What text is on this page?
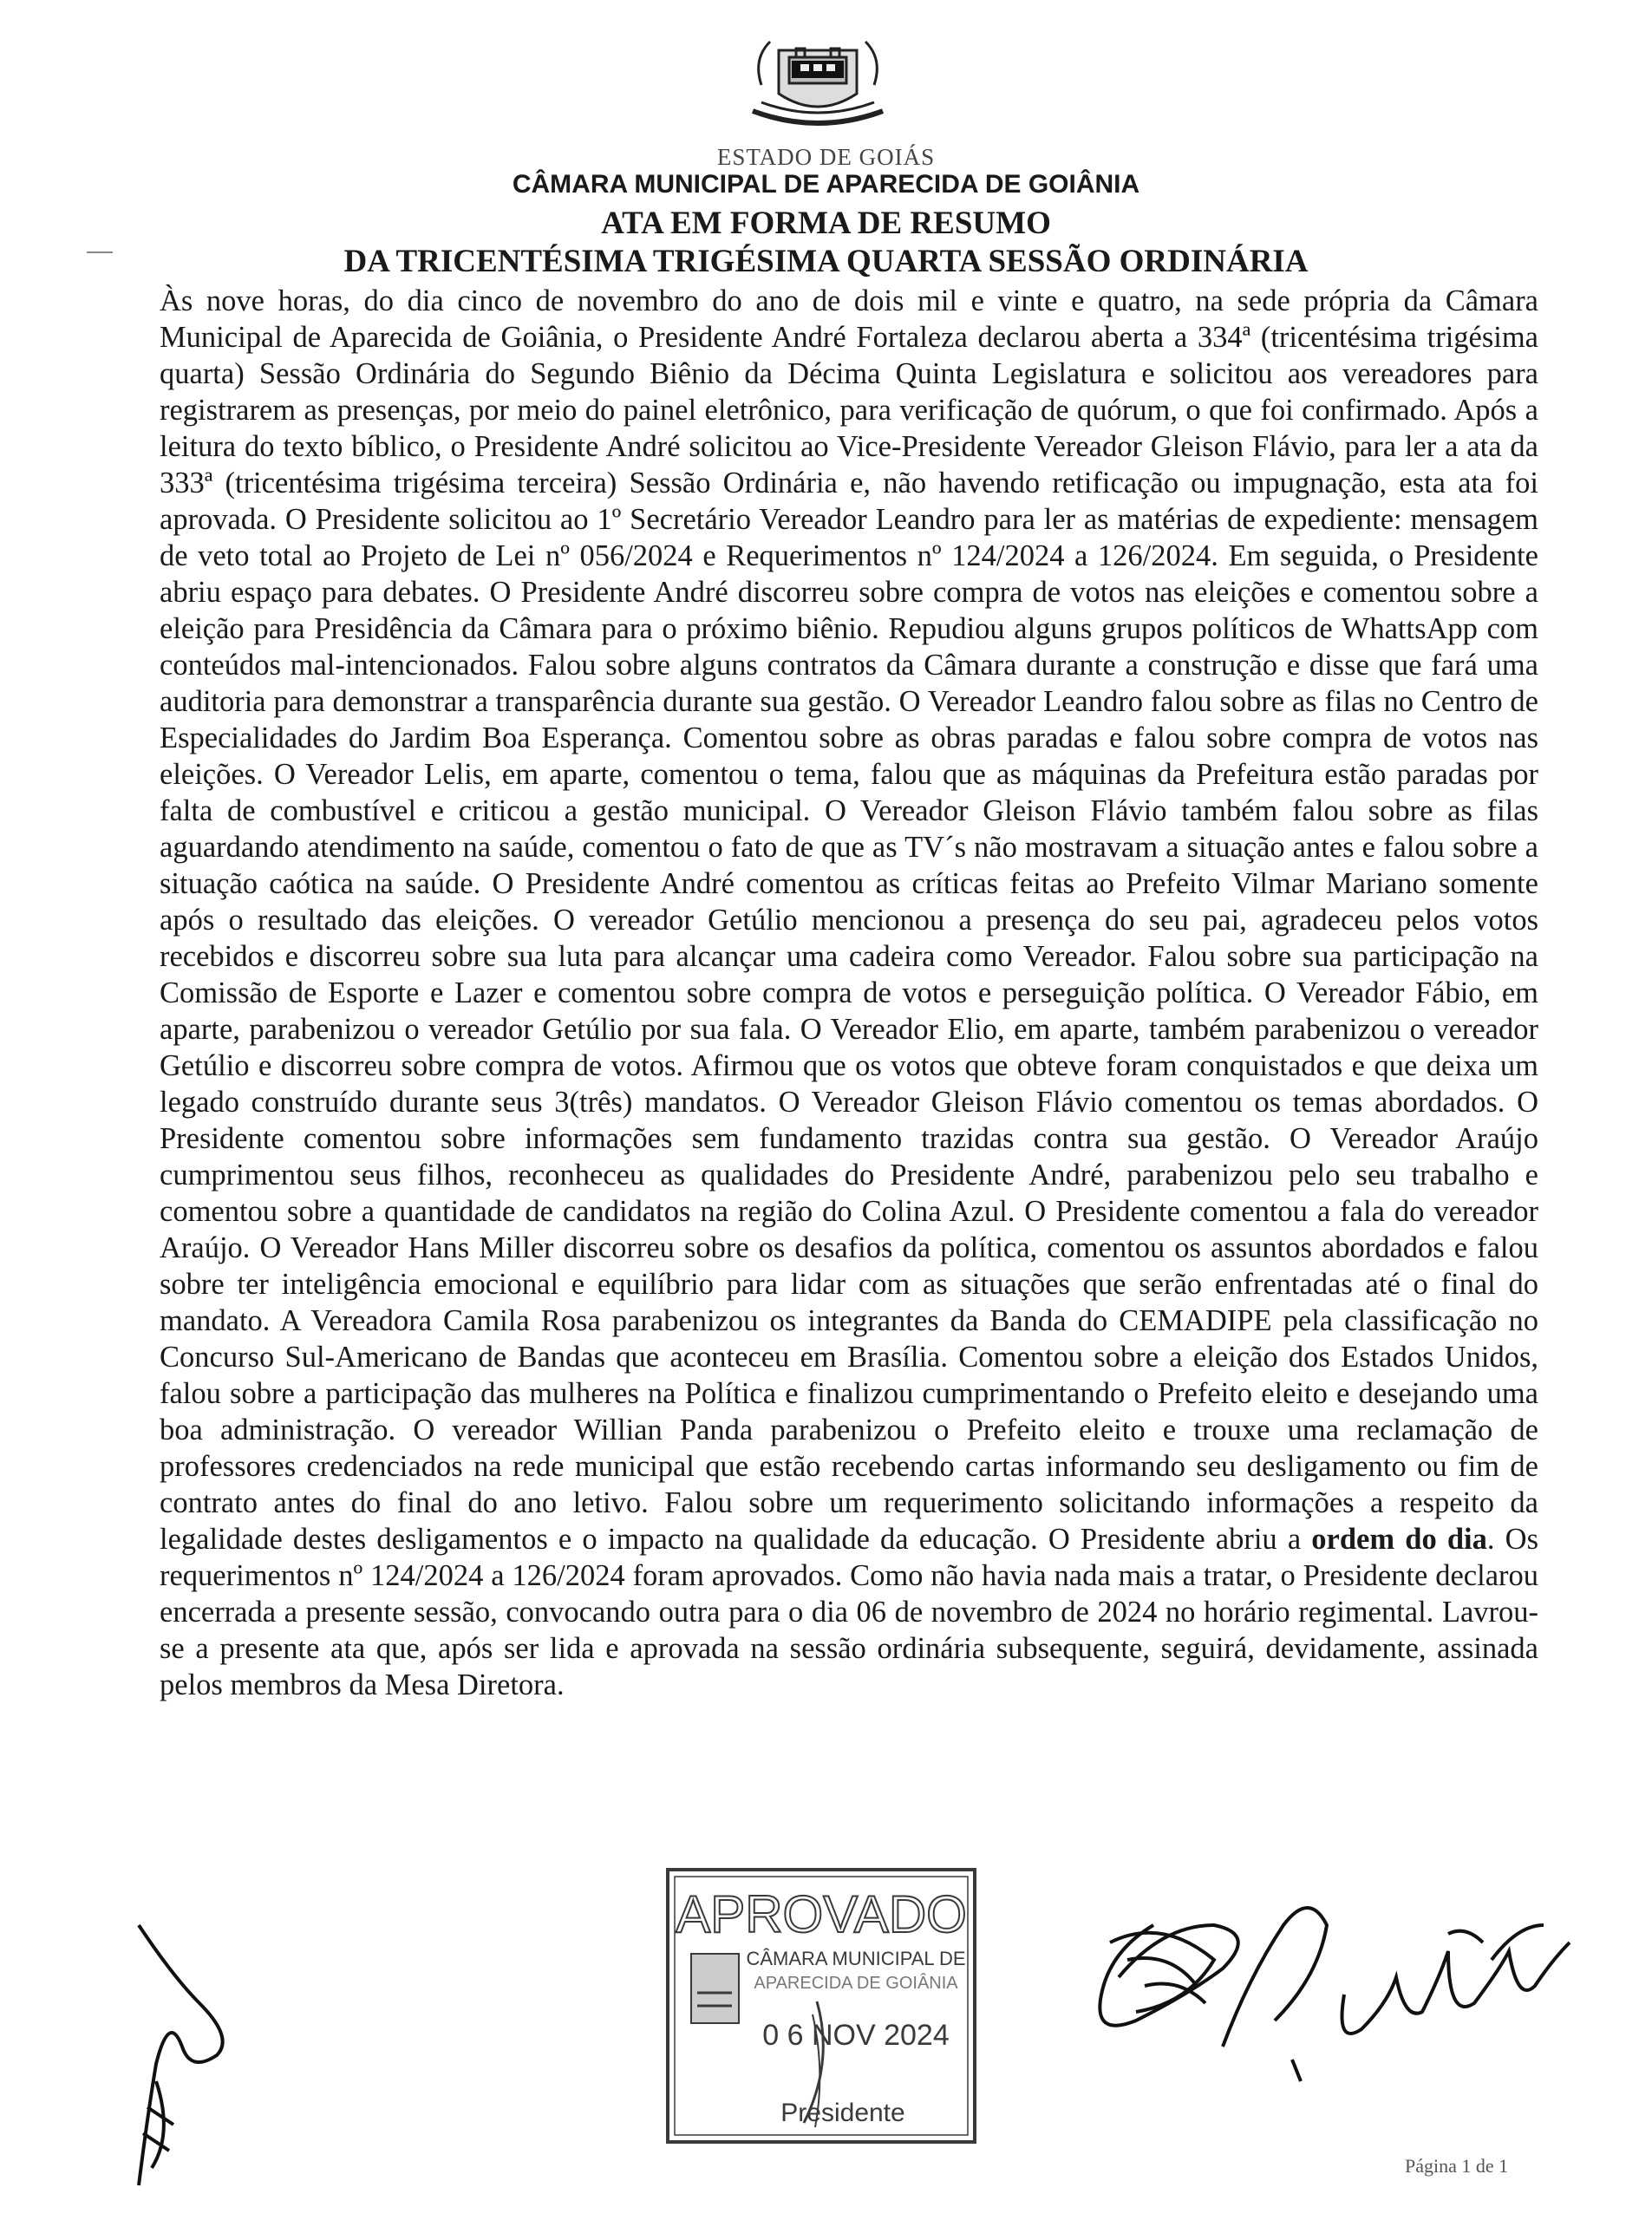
ESTADO DE GOIÁS
CÂMARA MUNICIPAL DE APARECIDA DE GOIÂNIA
ATA EM FORMA DE RESUMO
DA TRICENTÉSIMA TRIGÉSIMA QUARTA SESSÃO ORDINÁRIA
Às nove horas, do dia cinco de novembro do ano de dois mil e vinte e quatro, na sede própria da Câmara Municipal de Aparecida de Goiânia, o Presidente André Fortaleza declarou aberta a 334ª (tricentésima trigésima quarta) Sessão Ordinária do Segundo Biênio da Décima Quinta Legislatura e solicitou aos vereadores para registrarem as presenças, por meio do painel eletrônico, para verificação de quórum, o que foi confirmado. Após a leitura do texto bíblico, o Presidente André solicitou ao Vice-Presidente Vereador Gleison Flávio, para ler a ata da 333ª (tricentésima trigésima terceira) Sessão Ordinária e, não havendo retificação ou impugnação, esta ata foi aprovada. O Presidente solicitou ao 1º Secretário Vereador Leandro para ler as matérias de expediente: mensagem de veto total ao Projeto de Lei nº 056/2024 e Requerimentos nº 124/2024 a 126/2024. Em seguida, o Presidente abriu espaço para debates. O Presidente André discorreu sobre compra de votos nas eleições e comentou sobre a eleição para Presidência da Câmara para o próximo biênio. Repudiou alguns grupos políticos de WhattsApp com conteúdos mal-intencionados. Falou sobre alguns contratos da Câmara durante a construção e disse que fará uma auditoria para demonstrar a transparência durante sua gestão. O Vereador Leandro falou sobre as filas no Centro de Especialidades do Jardim Boa Esperança. Comentou sobre as obras paradas e falou sobre compra de votos nas eleições. O Vereador Lelis, em aparte, comentou o tema, falou que as máquinas da Prefeitura estão paradas por falta de combustível e criticou a gestão municipal. O Vereador Gleison Flávio também falou sobre as filas aguardando atendimento na saúde, comentou o fato de que as TV´s não mostravam a situação antes e falou sobre a situação caótica na saúde. O Presidente André comentou as críticas feitas ao Prefeito Vilmar Mariano somente após o resultado das eleições. O vereador Getúlio mencionou a presença do seu pai, agradeceu pelos votos recebidos e discorreu sobre sua luta para alcançar uma cadeira como Vereador. Falou sobre sua participação na Comissão de Esporte e Lazer e comentou sobre compra de votos e perseguição política. O Vereador Fábio, em aparte, parabenizou o vereador Getúlio por sua fala. O Vereador Elio, em aparte, também parabenizou o vereador Getúlio e discorreu sobre compra de votos. Afirmou que os votos que obteve foram conquistados e que deixa um legado construído durante seus 3(três) mandatos. O Vereador Gleison Flávio comentou os temas abordados. O Presidente comentou sobre informações sem fundamento trazidas contra sua gestão. O Vereador Araújo cumprimentou seus filhos, reconheceu as qualidades do Presidente André, parabenizou pelo seu trabalho e comentou sobre a quantidade de candidatos na região do Colina Azul. O Presidente comentou a fala do vereador Araújo. O Vereador Hans Miller discorreu sobre os desafios da política, comentou os assuntos abordados e falou sobre ter inteligência emocional e equilíbrio para lidar com as situações que serão enfrentadas até o final do mandato. A Vereadora Camila Rosa parabenizou os integrantes da Banda do CEMADIPE pela classificação no Concurso Sul-Americano de Bandas que aconteceu em Brasília. Comentou sobre a eleição dos Estados Unidos, falou sobre a participação das mulheres na Política e finalizou cumprimentando o Prefeito eleito e desejando uma boa administração. O vereador Willian Panda parabenizou o Prefeito eleito e trouxe uma reclamação de professores credenciados na rede municipal que estão recebendo cartas informando seu desligamento ou fim de contrato antes do final do ano letivo. Falou sobre um requerimento solicitando informações a respeito da legalidade destes desligamentos e o impacto na qualidade da educação. O Presidente abriu a ordem do dia. Os requerimentos nº 124/2024 a 126/2024 foram aprovados. Como não havia nada mais a tratar, o Presidente declarou encerrada a presente sessão, convocando outra para o dia 06 de novembro de 2024 no horário regimental. Lavrou-se a presente ata que, após ser lida e aprovada na sessão ordinária subsequente, seguirá, devidamente, assinada pelos membros da Mesa Diretora.
APROVADO
CÂMARA MUNICIPAL DE
APARECIDA DE GOIÂNIA
0 6 NOV 2024
Presidente
Página 1 de 1
